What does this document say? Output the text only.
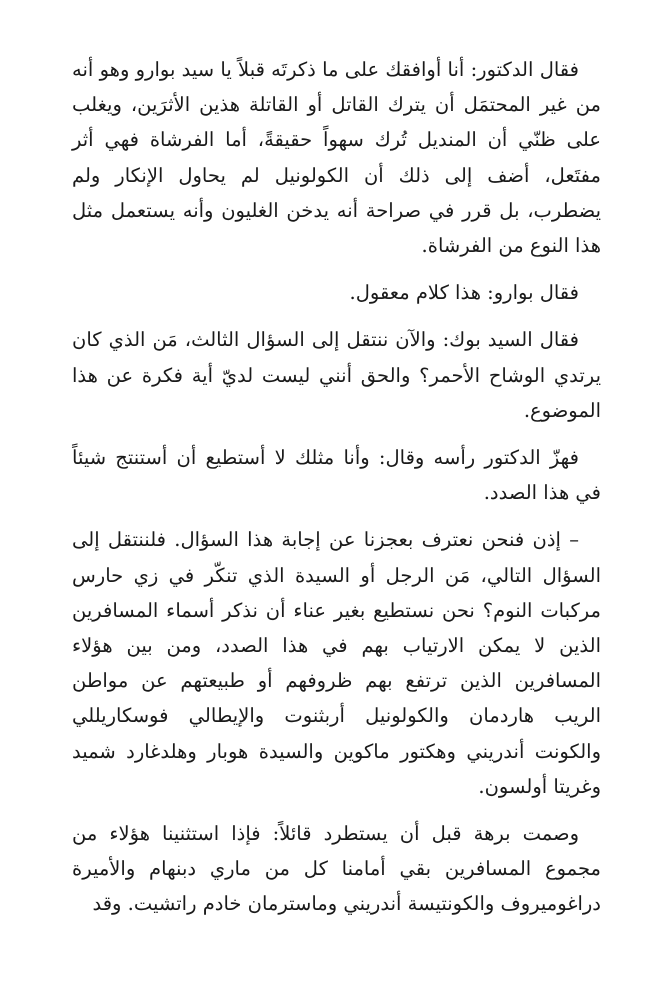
فقال الدكتور: أنا أوافقك على ما ذكرتَه قبلاً يا سيد بوارو وهو أنه من غير المحتمَل أن يترك القاتل أو القاتلة هذين الأثرَين، ويغلب على ظنّي أن المنديل تُرك سهواً حقيقةً، أما الفرشاة فهي أثر مفتَعل، أضف إلى ذلك أن الكولونيل لم يحاول الإنكار ولم يضطرب، بل قرر في صراحة أنه يدخن الغليون وأنه يستعمل مثل هذا النوع من الفرشاة.

فقال بوارو: هذا كلام معقول.

فقال السيد بوك: والآن ننتقل إلى السؤال الثالث، مَن الذي كان يرتدي الوشاح الأحمر؟ والحق أنني ليست لديّ أية فكرة عن هذا الموضوع.

فهزّ الدكتور رأسه وقال: وأنا مثلك لا أستطيع أن أستنتج شيئاً في هذا الصدد.

– إذن فنحن نعترف بعجزنا عن إجابة هذا السؤال. فلننتقل إلى السؤال التالي، مَن الرجل أو السيدة الذي تنكّر في زي حارس مركبات النوم؟ نحن نستطيع بغير عناء أن نذكر أسماء المسافرين الذين لا يمكن الارتياب بهم في هذا الصدد، ومن بين هؤلاء المسافرين الذين ترتفع بهم ظروفهم أو طبيعتهم عن مواطن الريب هاردمان والكولونيل أربثنوت والإيطالي فوسكاريللي والكونت أندريني وهكتور ماكوين والسيدة هوبار وهلدغارد شميد وغريتا أولسون.

وصمت برهة قبل أن يستطرد قائلاً: فإذا استثنينا هؤلاء من مجموع المسافرين بقي أمامنا كل من ماري دبنهام والأميرة دراغوميروف والكونتيسة أندريني وماسترمان خادم راتشيت. وقد
